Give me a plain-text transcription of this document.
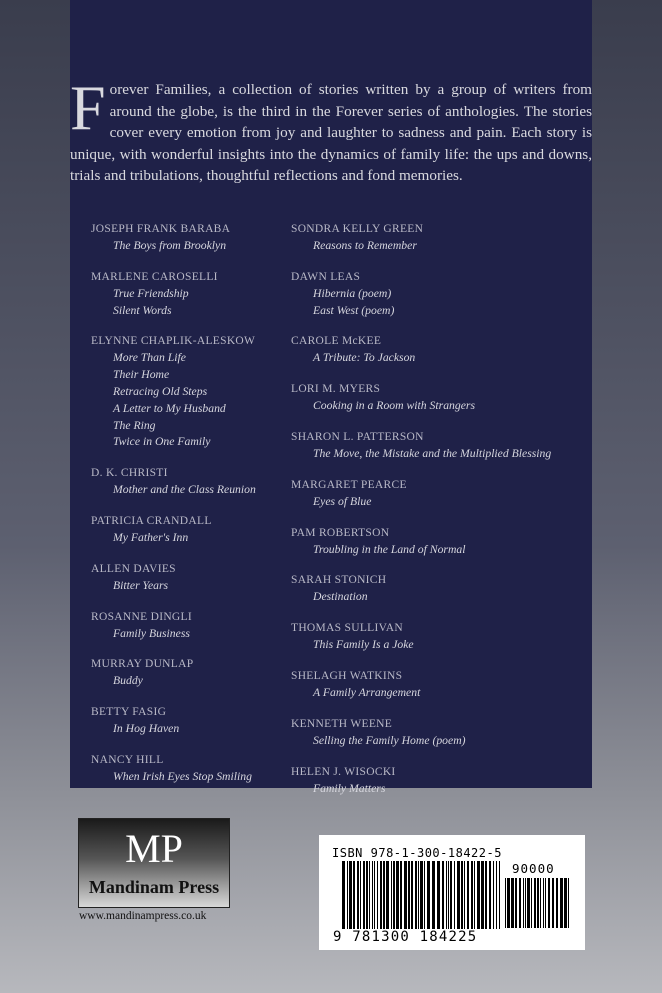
Forever Families, a collection of stories written by a group of writers from around the globe, is the third in the Forever series of anthologies. The stories cover every emotion from joy and laughter to sadness and pain. Each story is unique, with wonderful insights into the dynamics of family life: the ups and downs, trials and tribulations, thoughtful reflections and fond memories.
JOSEPH FRANK BARABA
The Boys from Brooklyn
MARLENE CAROSELLI
True Friendship
Silent Words
ELYNNE CHAPLIK-ALESKOW
More Than Life
Their Home
Retracing Old Steps
A Letter to My Husband
The Ring
Twice in One Family
D. K. CHRISTI
Mother and the Class Reunion
PATRICIA CRANDALL
My Father's Inn
ALLEN DAVIES
Bitter Years
ROSANNE DINGLI
Family Business
MURRAY DUNLAP
Buddy
BETTY FASIG
In Hog Haven
NANCY HILL
When Irish Eyes Stop Smiling
SONDRA KELLY GREEN
Reasons to Remember
DAWN LEAS
Hibernia (poem)
East West (poem)
CAROLE McKEE
A Tribute: To Jackson
LORI M. MYERS
Cooking in a Room with Strangers
SHARON L. PATTERSON
The Move, the Mistake and the Multiplied Blessing
MARGARET PEARCE
Eyes of Blue
PAM ROBERTSON
Troubling in the Land of Normal
SARAH STONICH
Destination
THOMAS SULLIVAN
This Family Is a Joke
SHELAGH WATKINS
A Family Arrangement
KENNETH WEENE
Selling the Family Home (poem)
HELEN J. WISOCKI
Family Matters
MP
Mandinam Press
www.mandinampress.co.uk
ISBN 978-1-300-18422-5
90000
9 781300 184225
